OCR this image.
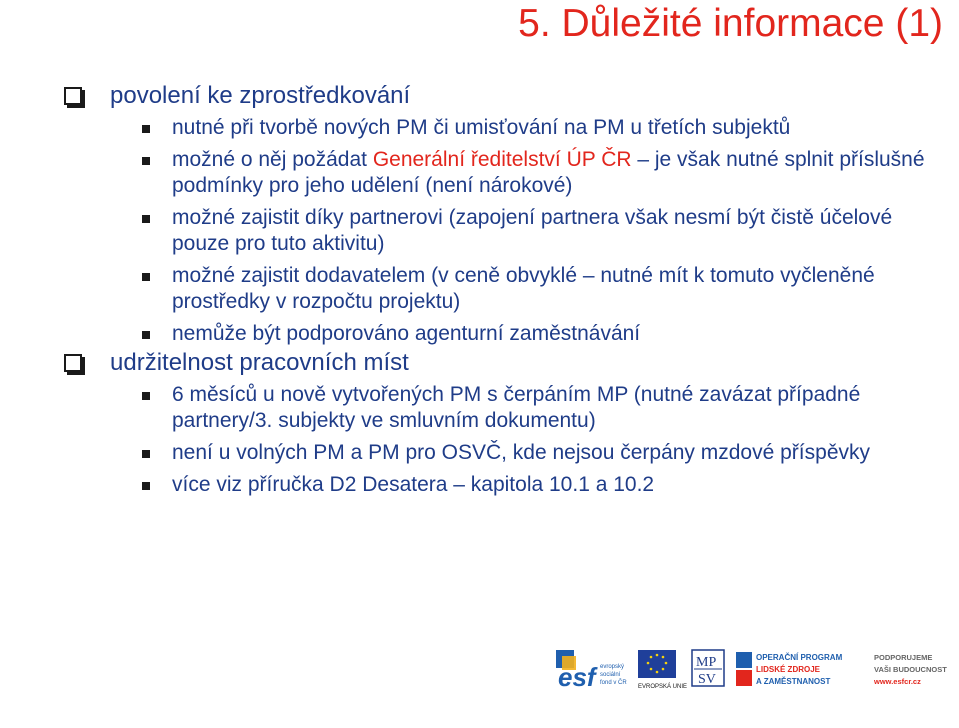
5. Důležité informace (1)
povolení ke zprostředkování
nutné při tvorbě nových PM či umisťování na PM u třetích subjektů
možné o něj požádat Generální ředitelství ÚP ČR – je však nutné splnit příslušné podmínky pro jeho udělení (není nárokové)
možné zajistit díky partnerovi (zapojení partnera však nesmí být čistě účelové pouze pro tuto aktivitu)
možné zajistit dodavatelem (v ceně obvyklé – nutné mít k tomuto vyčleněné prostředky v rozpočtu projektu)
nemůže být podporováno agenturní zaměstnávání
udržitelnost pracovních míst
6 měsíců u nově vytvořených PM s čerpáním MP (nutné zavázat případné partnery/3. subjekty ve smluvním dokumentu)
není u volných PM a PM pro OSVČ, kde nejsou čerpány mzdové příspěvky
více viz příručka D2 Desatera – kapitola 10.1 a 10.2
esf evropský
sociální
fond v ČR
EVROPSKÁ UNIE
MP
SV
OPERAČNÍ PROGRAM
LIDSKÉ ZDROJE
A ZAMĚSTNANOST
PODPORUJEME
VAŠI BUDOUCNOST
www.esfcr.cz
